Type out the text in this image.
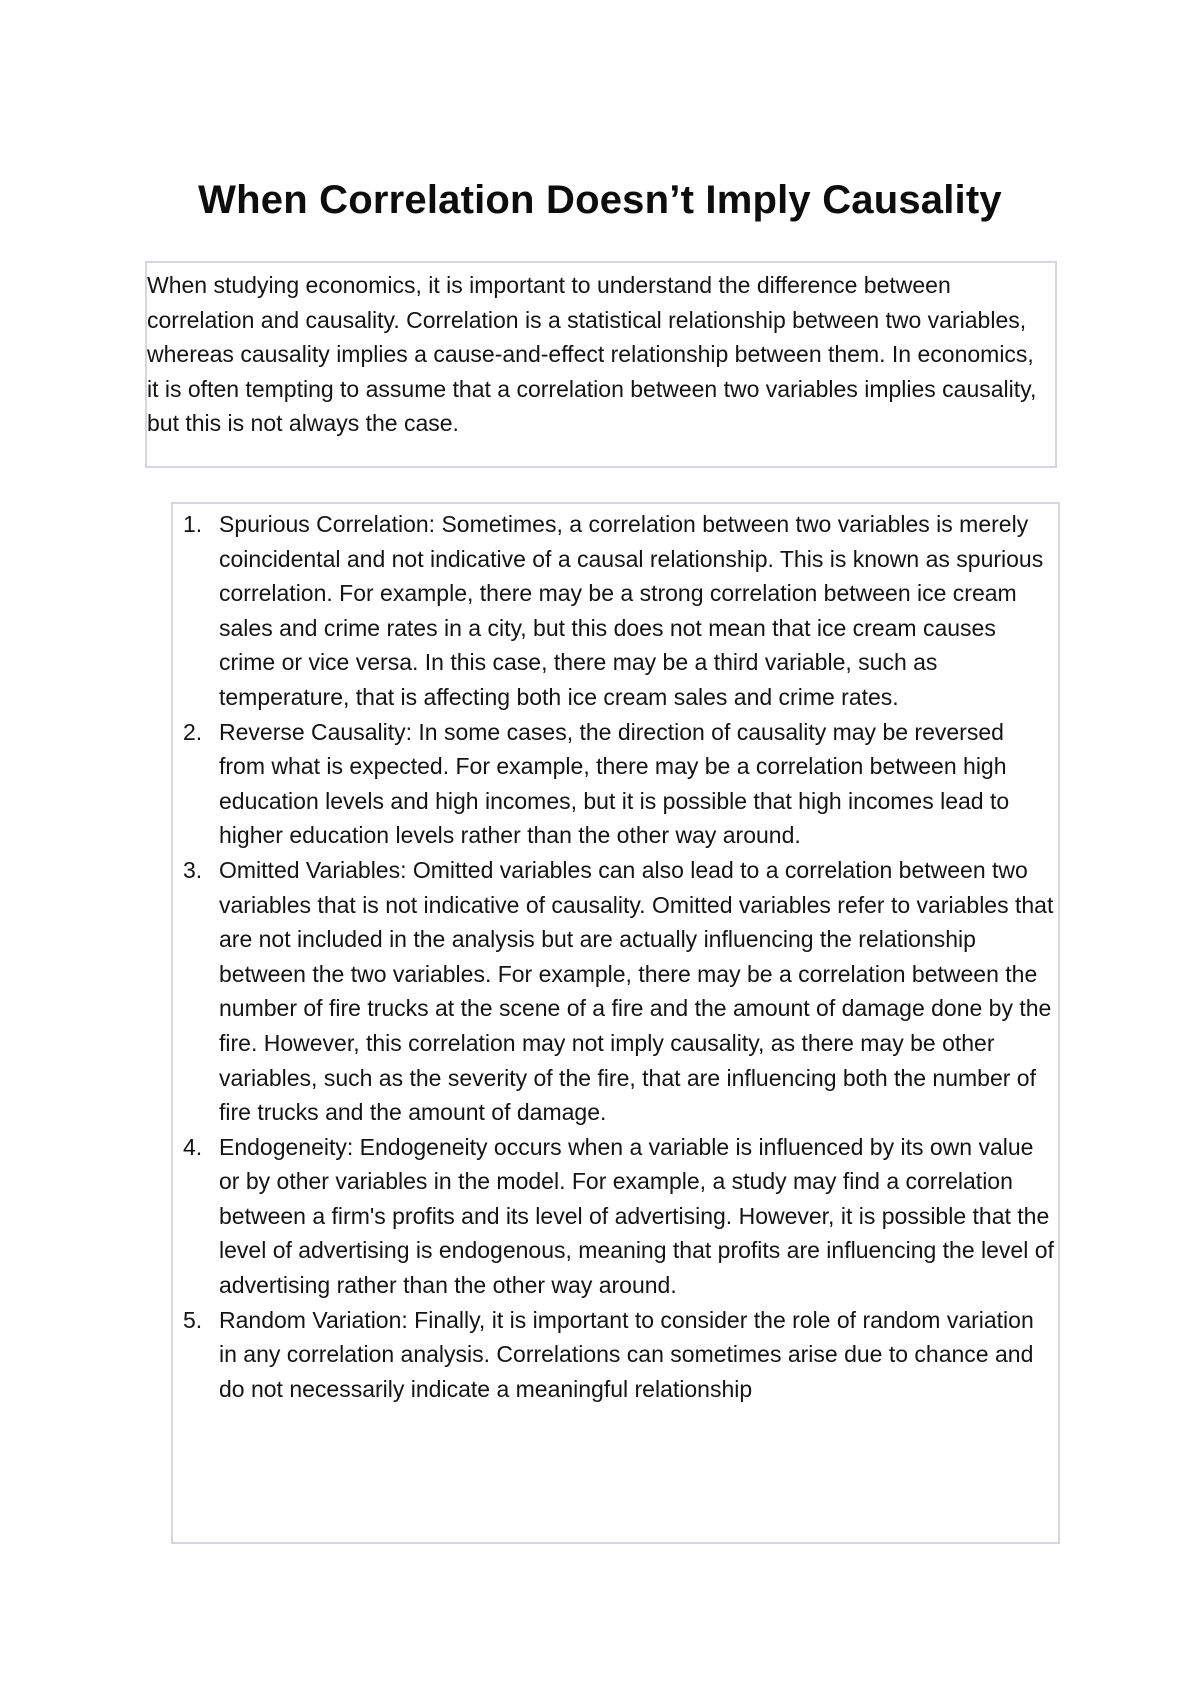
When Correlation Doesn’t Imply Causality

When studying economics, it is important to understand the difference between correlation and causality. Correlation is a statistical relationship between two variables, whereas causality implies a cause-and-effect relationship between them. In economics, it is often tempting to assume that a correlation between two variables implies causality, but this is not always the case.

1. Spurious Correlation: Sometimes, a correlation between two variables is merely coincidental and not indicative of a causal relationship. This is known as spurious correlation. For example, there may be a strong correlation between ice cream sales and crime rates in a city, but this does not mean that ice cream causes crime or vice versa. In this case, there may be a third variable, such as temperature, that is affecting both ice cream sales and crime rates.
2. Reverse Causality: In some cases, the direction of causality may be reversed from what is expected. For example, there may be a correlation between high education levels and high incomes, but it is possible that high incomes lead to higher education levels rather than the other way around.
3. Omitted Variables: Omitted variables can also lead to a correlation between two variables that is not indicative of causality. Omitted variables refer to variables that are not included in the analysis but are actually influencing the relationship between the two variables. For example, there may be a correlation between the number of fire trucks at the scene of a fire and the amount of damage done by the fire. However, this correlation may not imply causality, as there may be other variables, such as the severity of the fire, that are influencing both the number of fire trucks and the amount of damage.
4. Endogeneity: Endogeneity occurs when a variable is influenced by its own value or by other variables in the model. For example, a study may find a correlation between a firm's profits and its level of advertising. However, it is possible that the level of advertising is endogenous, meaning that profits are influencing the level of advertising rather than the other way around.
5. Random Variation: Finally, it is important to consider the role of random variation in any correlation analysis. Correlations can sometimes arise due to chance and do not necessarily indicate a meaningful relationship
